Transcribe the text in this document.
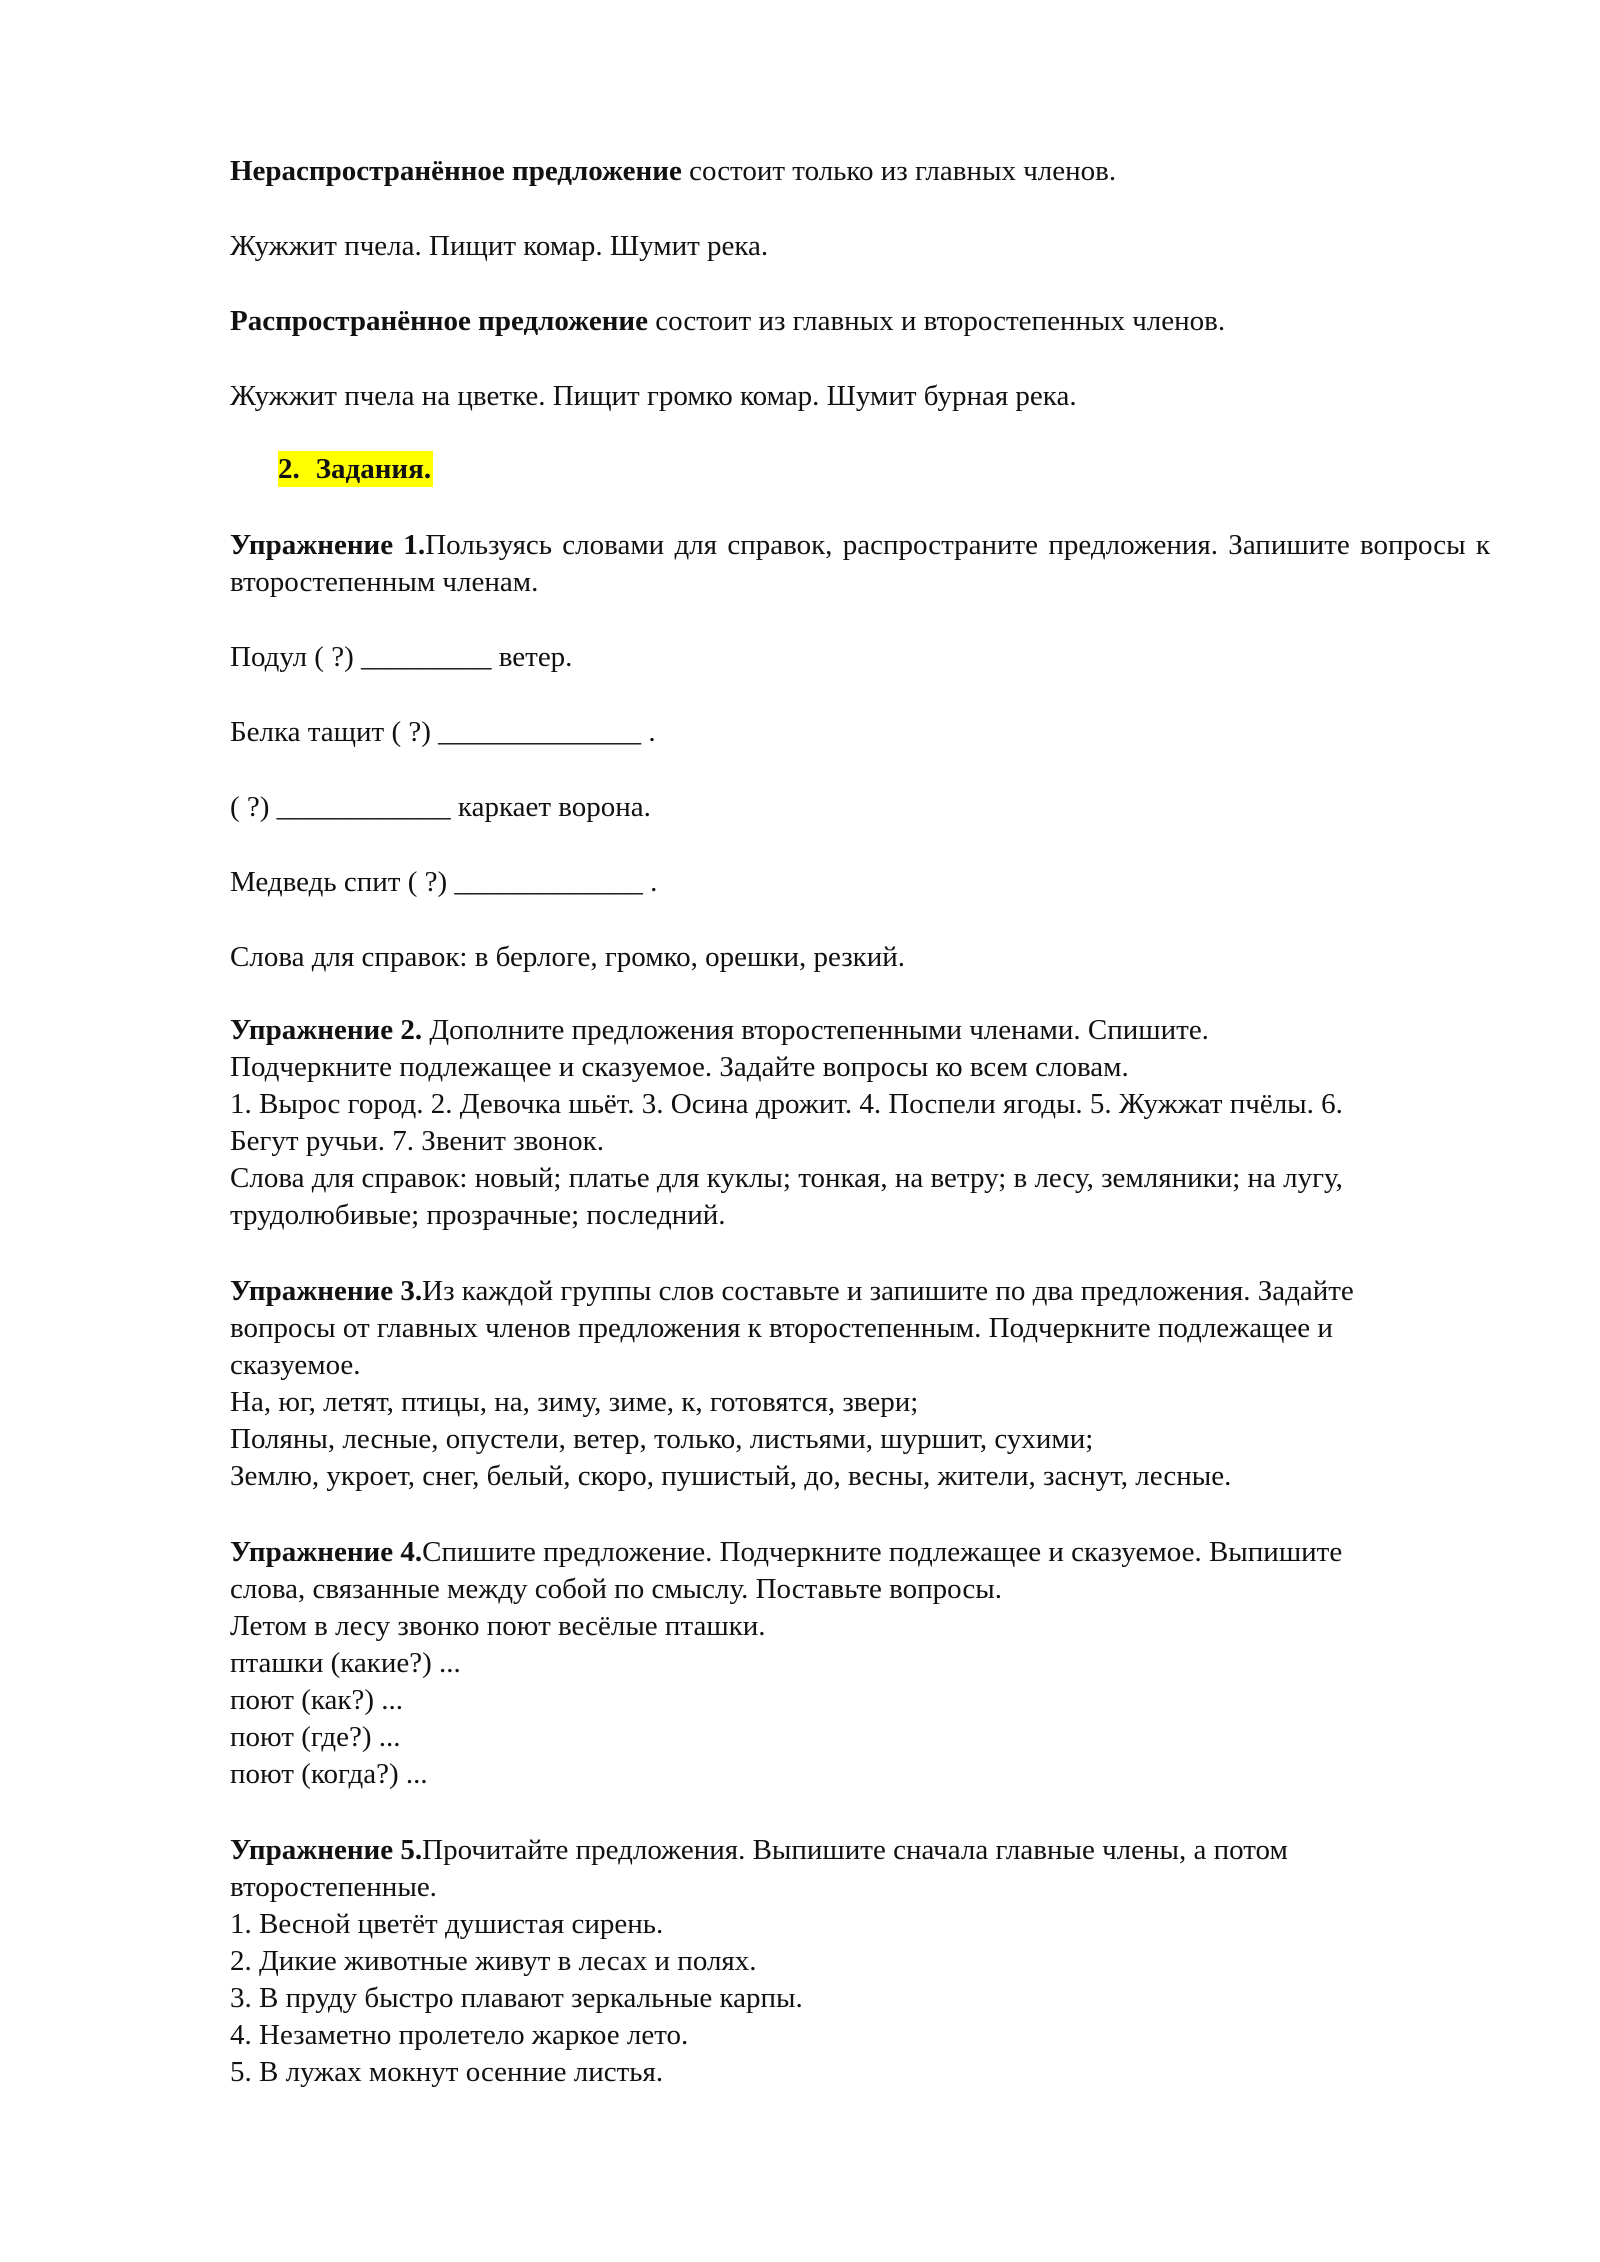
Нераспространённое предложение состоит только из главных членов.

Жужжит пчела. Пищит комар. Шумит река.

Распространённое предложение состоит из главных и второстепенных членов.

Жужжит пчела на цветке. Пищит громко комар. Шумит бурная река.

2. Задания.

Упражнение 1.Пользуясь словами для справок, распространите предложения. Запишите вопросы к второстепенным членам.

Подул ( ?) _________ ветер.

Белка тащит ( ?) ______________ .

( ?) ____________ каркает ворона.

Медведь спит ( ?) _____________ .

Слова для справок: в берлоге, громко, орешки, резкий.

Упражнение 2. Дополните предложения второстепенными членами. Спишите.
Подчеркните подлежащее и сказуемое. Задайте вопросы ко всем словам.
1. Вырос город. 2. Девочка шьёт. 3. Осина дрожит. 4. Поспели ягоды. 5. Жужжат пчёлы. 6.
Бегут ручьи. 7. Звенит звонок.
Слова для справок: новый; платье для куклы; тонкая, на ветру; в лесу, земляники; на лугу,
трудолюбивые; прозрачные; последний.
Упражнение 3.Из каждой группы слов составьте и запишите по два предложения. Задайте
вопросы от главных членов предложения к второстепенным. Подчеркните подлежащее и
сказуемое.
На, юг, летят, птицы, на, зиму, зиме, к, готовятся, звери;
Поляны, лесные, опустели, ветер, только, листьями, шуршит, сухими;
Землю, укроет, снег, белый, скоро, пушистый, до, весны, жители, заснут, лесные.
Упражнение 4.Спишите предложение. Подчеркните подлежащее и сказуемое. Выпишите
слова, связанные между собой по смыслу. Поставьте вопросы.
Летом в лесу звонко поют весёлые пташки.
пташки (какие?) ...
поют (как?) ...
поют (где?) ...
поют (когда?) ...
Упражнение 5.Прочитайте предложения. Выпишите сначала главные члены, а потом
второстепенные.
1. Весной цветёт душистая сирень.
2. Дикие животные живут в лесах и полях.
3. В пруду быстро плавают зеркальные карпы.
4. Незаметно пролетело жаркое лето.
5. В лужах мокнут осенние листья.
